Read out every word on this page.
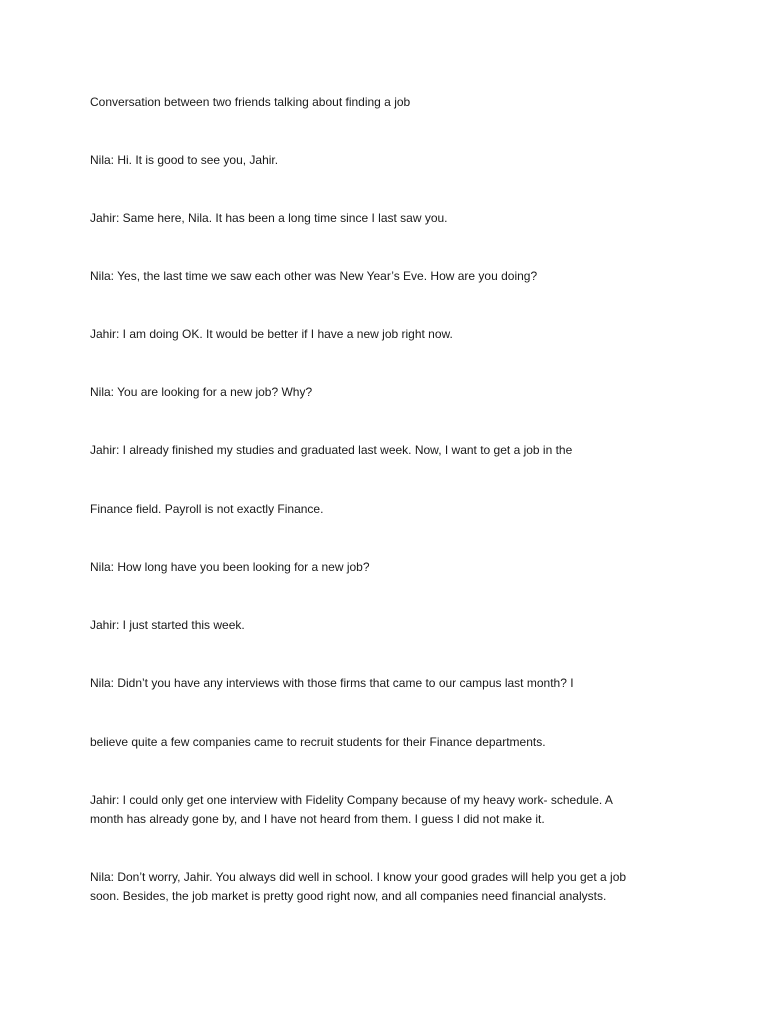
Conversation between two friends talking about finding a job

Nila: Hi. It is good to see you, Jahir.

Jahir: Same here, Nila. It has been a long time since I last saw you.

Nila: Yes, the last time we saw each other was New Year’s Eve. How are you doing?

Jahir: I am doing OK. It would be better if I have a new job right now.

Nila: You are looking for a new job? Why?

Jahir: I already finished my studies and graduated last week. Now, I want to get a job in the

Finance field. Payroll is not exactly Finance.

Nila: How long have you been looking for a new job?

Jahir: I just started this week.

Nila: Didn’t you have any interviews with those firms that came to our campus last month? I

believe quite a few companies came to recruit students for their Finance departments.

Jahir: I could only get one interview with Fidelity Company because of my heavy work- schedule. A

month has already gone by, and I have not heard from them. I guess I did not make it.

Nila: Don’t worry, Jahir. You always did well in school. I know your good grades will help you get a job

soon. Besides, the job market is pretty good right now, and all companies need financial analysts.
